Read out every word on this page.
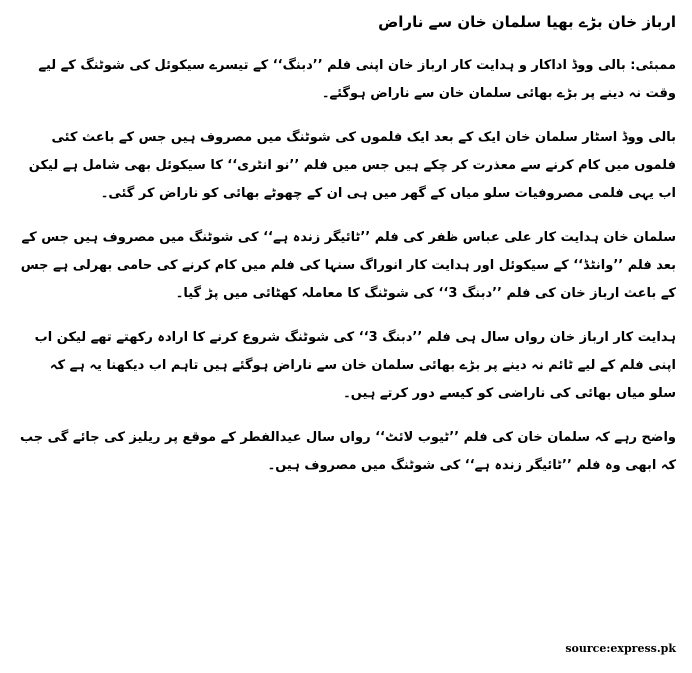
ارباز خان بڑے بھیا سلمان خان سے ناراض

ممبئی: بالی ووڈ اداکار و ہدایت کار ارباز خان اپنی فلم ’’دبنگ‘‘ کے تیسرے سیکوئل کی شوٹنگ کے لیے وقت نہ دینے پر بڑے بھائی سلمان خان سے ناراض ہوگئے۔

بالی ووڈ اسٹار سلمان خان ایک کے بعد ایک فلموں کی شوٹنگ میں مصروف ہیں جس کے باعث کئی فلموں میں کام کرنے سے معذرت کر چکے ہیں جس میں فلم ’’نو انٹری‘‘ کا سیکوئل بھی شامل ہے لیکن اب یہی فلمی مصروفیات سلو میاں کے گھر میں ہی ان کے چھوٹے بھائی کو ناراض کر گئی۔

سلمان خان ہدایت کار علی عباس ظفر کی فلم ’’ٹائیگر زندہ ہے‘‘ کی شوٹنگ میں مصروف ہیں جس کے بعد فلم ’’وانٹڈ‘‘ کے سیکوئل اور ہدایت کار انوراگ سنہا کی فلم میں کام کرنے کی حامی بھرلی ہے جس کے باعث ارباز خان کی فلم ’’دبنگ 3‘‘ کی شوٹنگ کا معاملہ کھٹائی میں پڑ گیا۔

ہدایت کار ارباز خان رواں سال ہی فلم ’’دبنگ 3‘‘ کی شوٹنگ شروع کرنے کا ارادہ رکھتے تھے لیکن اب اپنی فلم کے لیے ٹائم نہ دینے پر بڑے بھائی سلمان خان سے ناراض ہوگئے ہیں تاہم اب دیکھنا یہ ہے کہ سلو میاں بھائی کی ناراضی کو کیسے دور کرتے ہیں۔

واضح رہے کہ سلمان خان کی فلم ’’ٹیوب لائٹ‘‘ رواں سال عیدالفطر کے موقع پر ریلیز کی جائے گی جب کہ ابھی وہ فلم ’’ٹائیگر زندہ ہے‘‘ کی شوٹنگ میں مصروف ہیں۔

source:express.pk
